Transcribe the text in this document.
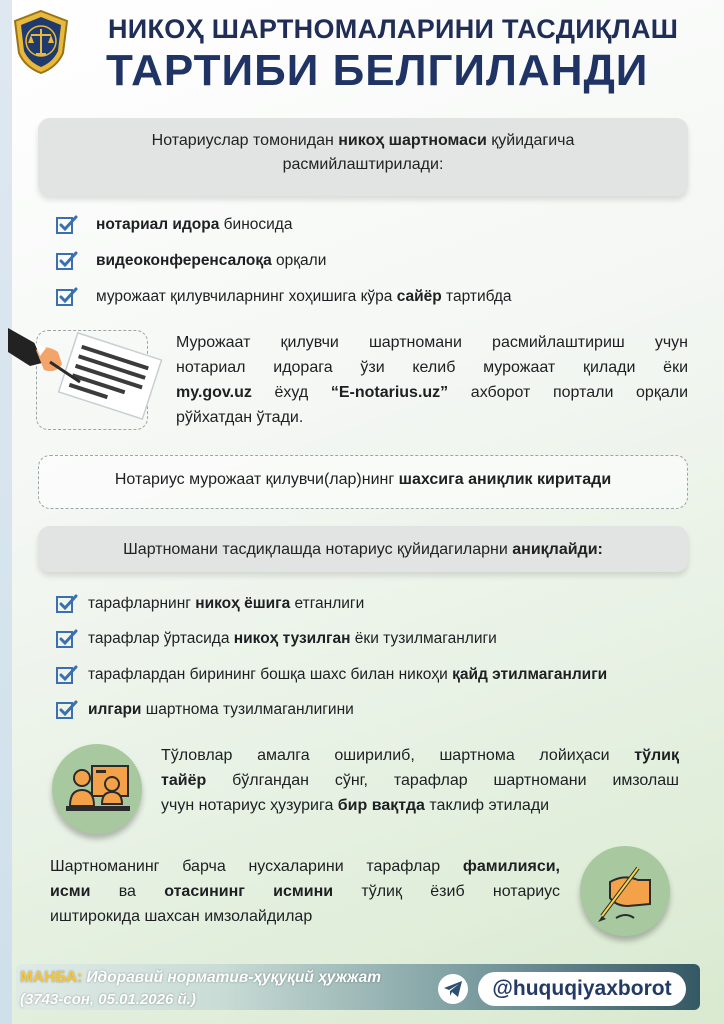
НИКОҲ ШАРТНОМАЛАРИНИ ТАСДИҚЛАШ
ТАРТИБИ БЕЛГИЛАНДИ
Нотариуслар томонидан никоҳ шартномаси қуйидагича
расмийлаштирилади:
нотариал идора биносида
видеоконференсалоқа орқали
мурожаат қилувчиларнинг хоҳишига кўра сайёр тартибда
Мурожаат қилувчи шартномани расмийлаштириш учун
нотариал идорага ўзи келиб мурожаат қилади ёки
my.gov.uz ёхуд “E-notarius.uz” ахборот портали орқали
рўйхатдан ўтади.
Нотариус мурожаат қилувчи(лар)нинг шахсига аниқлик киритади
Шартномани тасдиқлашда нотариус қуйидагиларни аниқлайди:
тарафларнинг никоҳ ёшига етганлиги
тарафлар ўртасида никоҳ тузилган ёки тузилмаганлиги
тарафлардан бирининг бошқа шахс билан никоҳи қайд этилмаганлиги
илгари шартнома тузилмаганлигини
Тўловлар амалга оширилиб, шартнома лойиҳаси тўлиқ
тайёр бўлгандан сўнг, тарафлар шартномани имзолаш
учун нотариус ҳузурига бир вақтда таклиф этилади
Шартноманинг барча нусхаларини тарафлар фамилияси,
исми ва отасининг исмини тўлиқ ёзиб нотариус
иштирокида шахсан имзолайдилар
МАНБА: Идоравий норматив-ҳуқуқий ҳужжат
(3743-сон, 05.01.2026 й.)	@huquqiyaxborot
